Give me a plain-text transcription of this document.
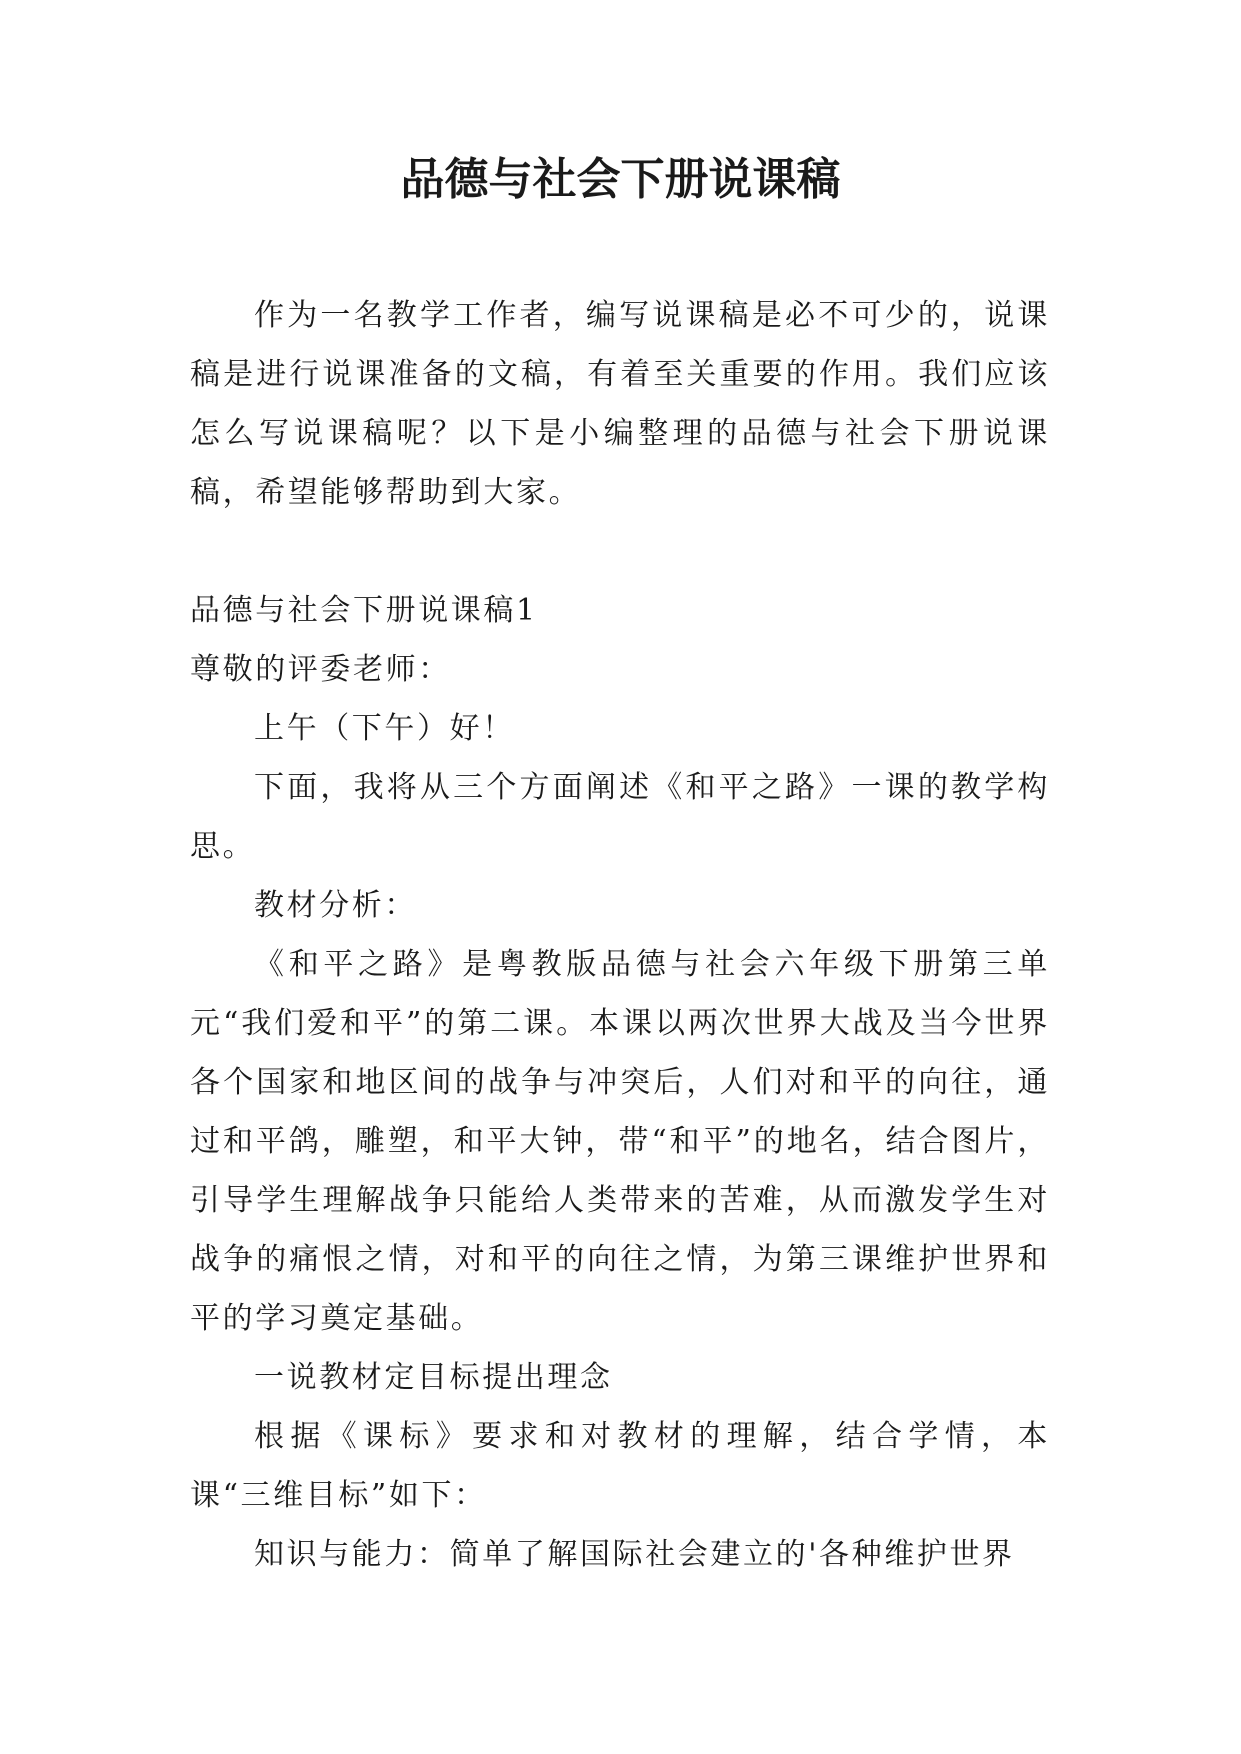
品德与社会下册说课稿

作为一名教学工作者，编写说课稿是必不可少的，说课稿是进行说课准备的文稿，有着至关重要的作用。我们应该怎么写说课稿呢？以下是小编整理的品德与社会下册说课稿，希望能够帮助到大家。

品德与社会下册说课稿1

尊敬的评委老师：

上午（下午）好！

下面，我将从三个方面阐述《和平之路》一课的教学构思。

教材分析：

《和平之路》是粤教版品德与社会六年级下册第三单元“我们爱和平”的第二课。本课以两次世界大战及当今世界各个国家和地区间的战争与冲突后，人们对和平的向往，通过和平鸽，雕塑，和平大钟，带“和平”的地名，结合图片，引导学生理解战争只能给人类带来的苦难，从而激发学生对战争的痛恨之情，对和平的向往之情，为第三课维护世界和平的学习奠定基础。

一说教材定目标提出理念

根据《课标》要求和对教材的理解，结合学情，本课“三维目标”如下：

知识与能力：简单了解国际社会建立的'各种维护世界
